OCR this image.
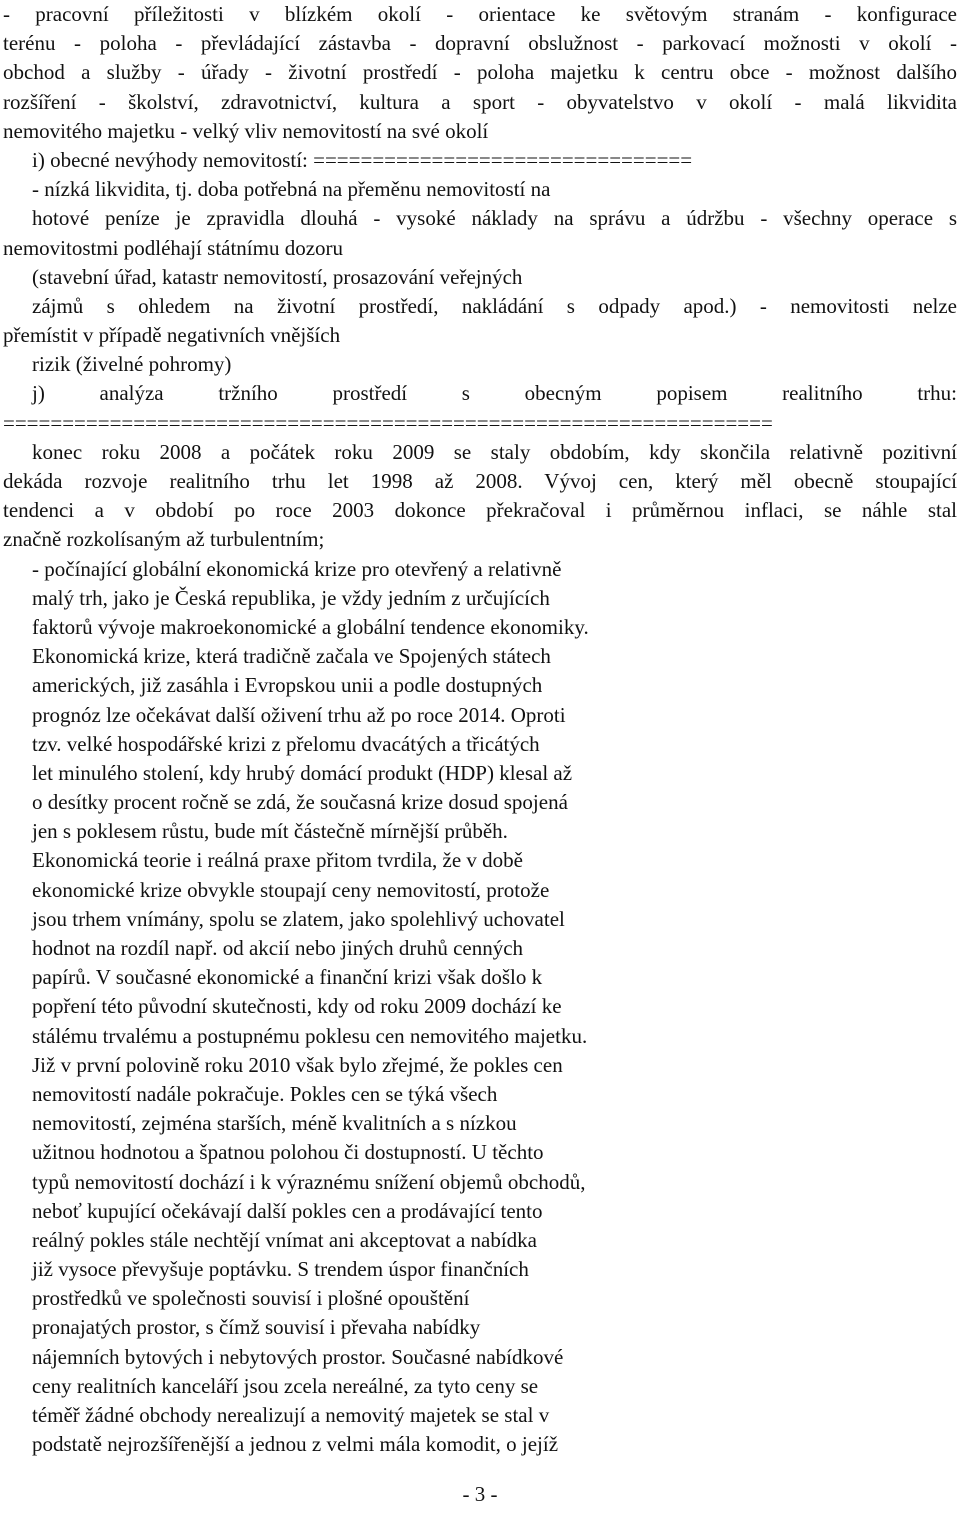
- pracovní příležitosti v blízkém okolí - orientace ke světovým stranám - konfigurace
terénu - poloha - převládající zástavba - dopravní obslužnost - parkovací možnosti v okolí -
obchod a služby - úřady - životní prostředí - poloha majetku k centru obce - možnost dalšího
rozšíření - školství, zdravotnictví, kultura a sport - obyvatelstvo v okolí - malá likvidita
nemovitého majetku - velký vliv nemovitostí na své okolí
i) obecné nevýhody nemovitostí: ================================
- nízká likvidita, tj. doba potřebná na přeměnu nemovitostí na
hotové peníze je zpravidla dlouhá - vysoké náklady na správu a údržbu - všechny operace s
nemovitostmi podléhají státnímu dozoru
(stavební úřad, katastr nemovitostí, prosazování veřejných
zájmů s ohledem na životní prostředí, nakládání s odpady apod.) - nemovitosti nelze
přemístit v případě negativních vnějších
rizik (živelné pohromy)
j) analýza tržního prostředí s obecným popisem realitního trhu:
=================================================================
konec roku 2008 a počátek roku 2009 se staly obdobím, kdy skončila relativně pozitivní
dekáda rozvoje realitního trhu let 1998 až 2008. Vývoj cen, který měl obecně stoupající
tendenci a v období po roce 2003 dokonce překračoval i průměrnou inflaci, se náhle stal
značně rozkolísaným až turbulentním;
- počínající globální ekonomická krize pro otevřený a relativně
malý trh, jako je Česká republika, je vždy jedním z určujících
faktorů vývoje makroekonomické a globální tendence ekonomiky.
Ekonomická krize, která tradičně začala ve Spojených státech
amerických, již zasáhla i Evropskou unii a podle dostupných
prognóz lze očekávat další oživení trhu až po roce 2014. Oproti
tzv. velké hospodářské krizi z přelomu dvacátých a třicátých
let minulého stolení, kdy hrubý domácí produkt (HDP) klesal až
o desítky procent ročně se zdá, že současná krize dosud spojená
jen s poklesem růstu, bude mít částečně mírnější průběh.
Ekonomická teorie i reálná praxe přitom tvrdila, že v době
ekonomické krize obvykle stoupají ceny nemovitostí, protože
jsou trhem vnímány, spolu se zlatem, jako spolehlivý uchovatel
hodnot na rozdíl např. od akcií nebo jiných druhů cenných
papírů. V současné ekonomické a finanční krizi však došlo k
popření této původní skutečnosti, kdy od roku 2009 dochází ke
stálému trvalému a postupnému poklesu cen nemovitého majetku.
Již v první polovině roku 2010 však bylo zřejmé, že pokles cen
nemovitostí nadále pokračuje. Pokles cen se týká všech
nemovitostí, zejména starších, méně kvalitních a s nízkou
užitnou hodnotou a špatnou polohou či dostupností. U těchto
typů nemovitostí dochází i k výraznému snížení objemů obchodů,
neboť kupující očekávají další pokles cen a prodávající tento
reálný pokles stále nechtějí vnímat ani akceptovat a nabídka
již vysoce převyšuje poptávku. S trendem úspor finančních
prostředků ve společnosti souvisí i plošné opouštění
pronajatých prostor, s čímž souvisí i převaha nabídky
nájemních bytových i nebytových prostor. Současné nabídkové
ceny realitních kanceláří jsou zcela nereálné, za tyto ceny se
téměř žádné obchody nerealizují a nemovitý majetek se stal v
podstatě nejrozšířenější a jednou z velmi mála komodit, o jejíž
- 3 -
